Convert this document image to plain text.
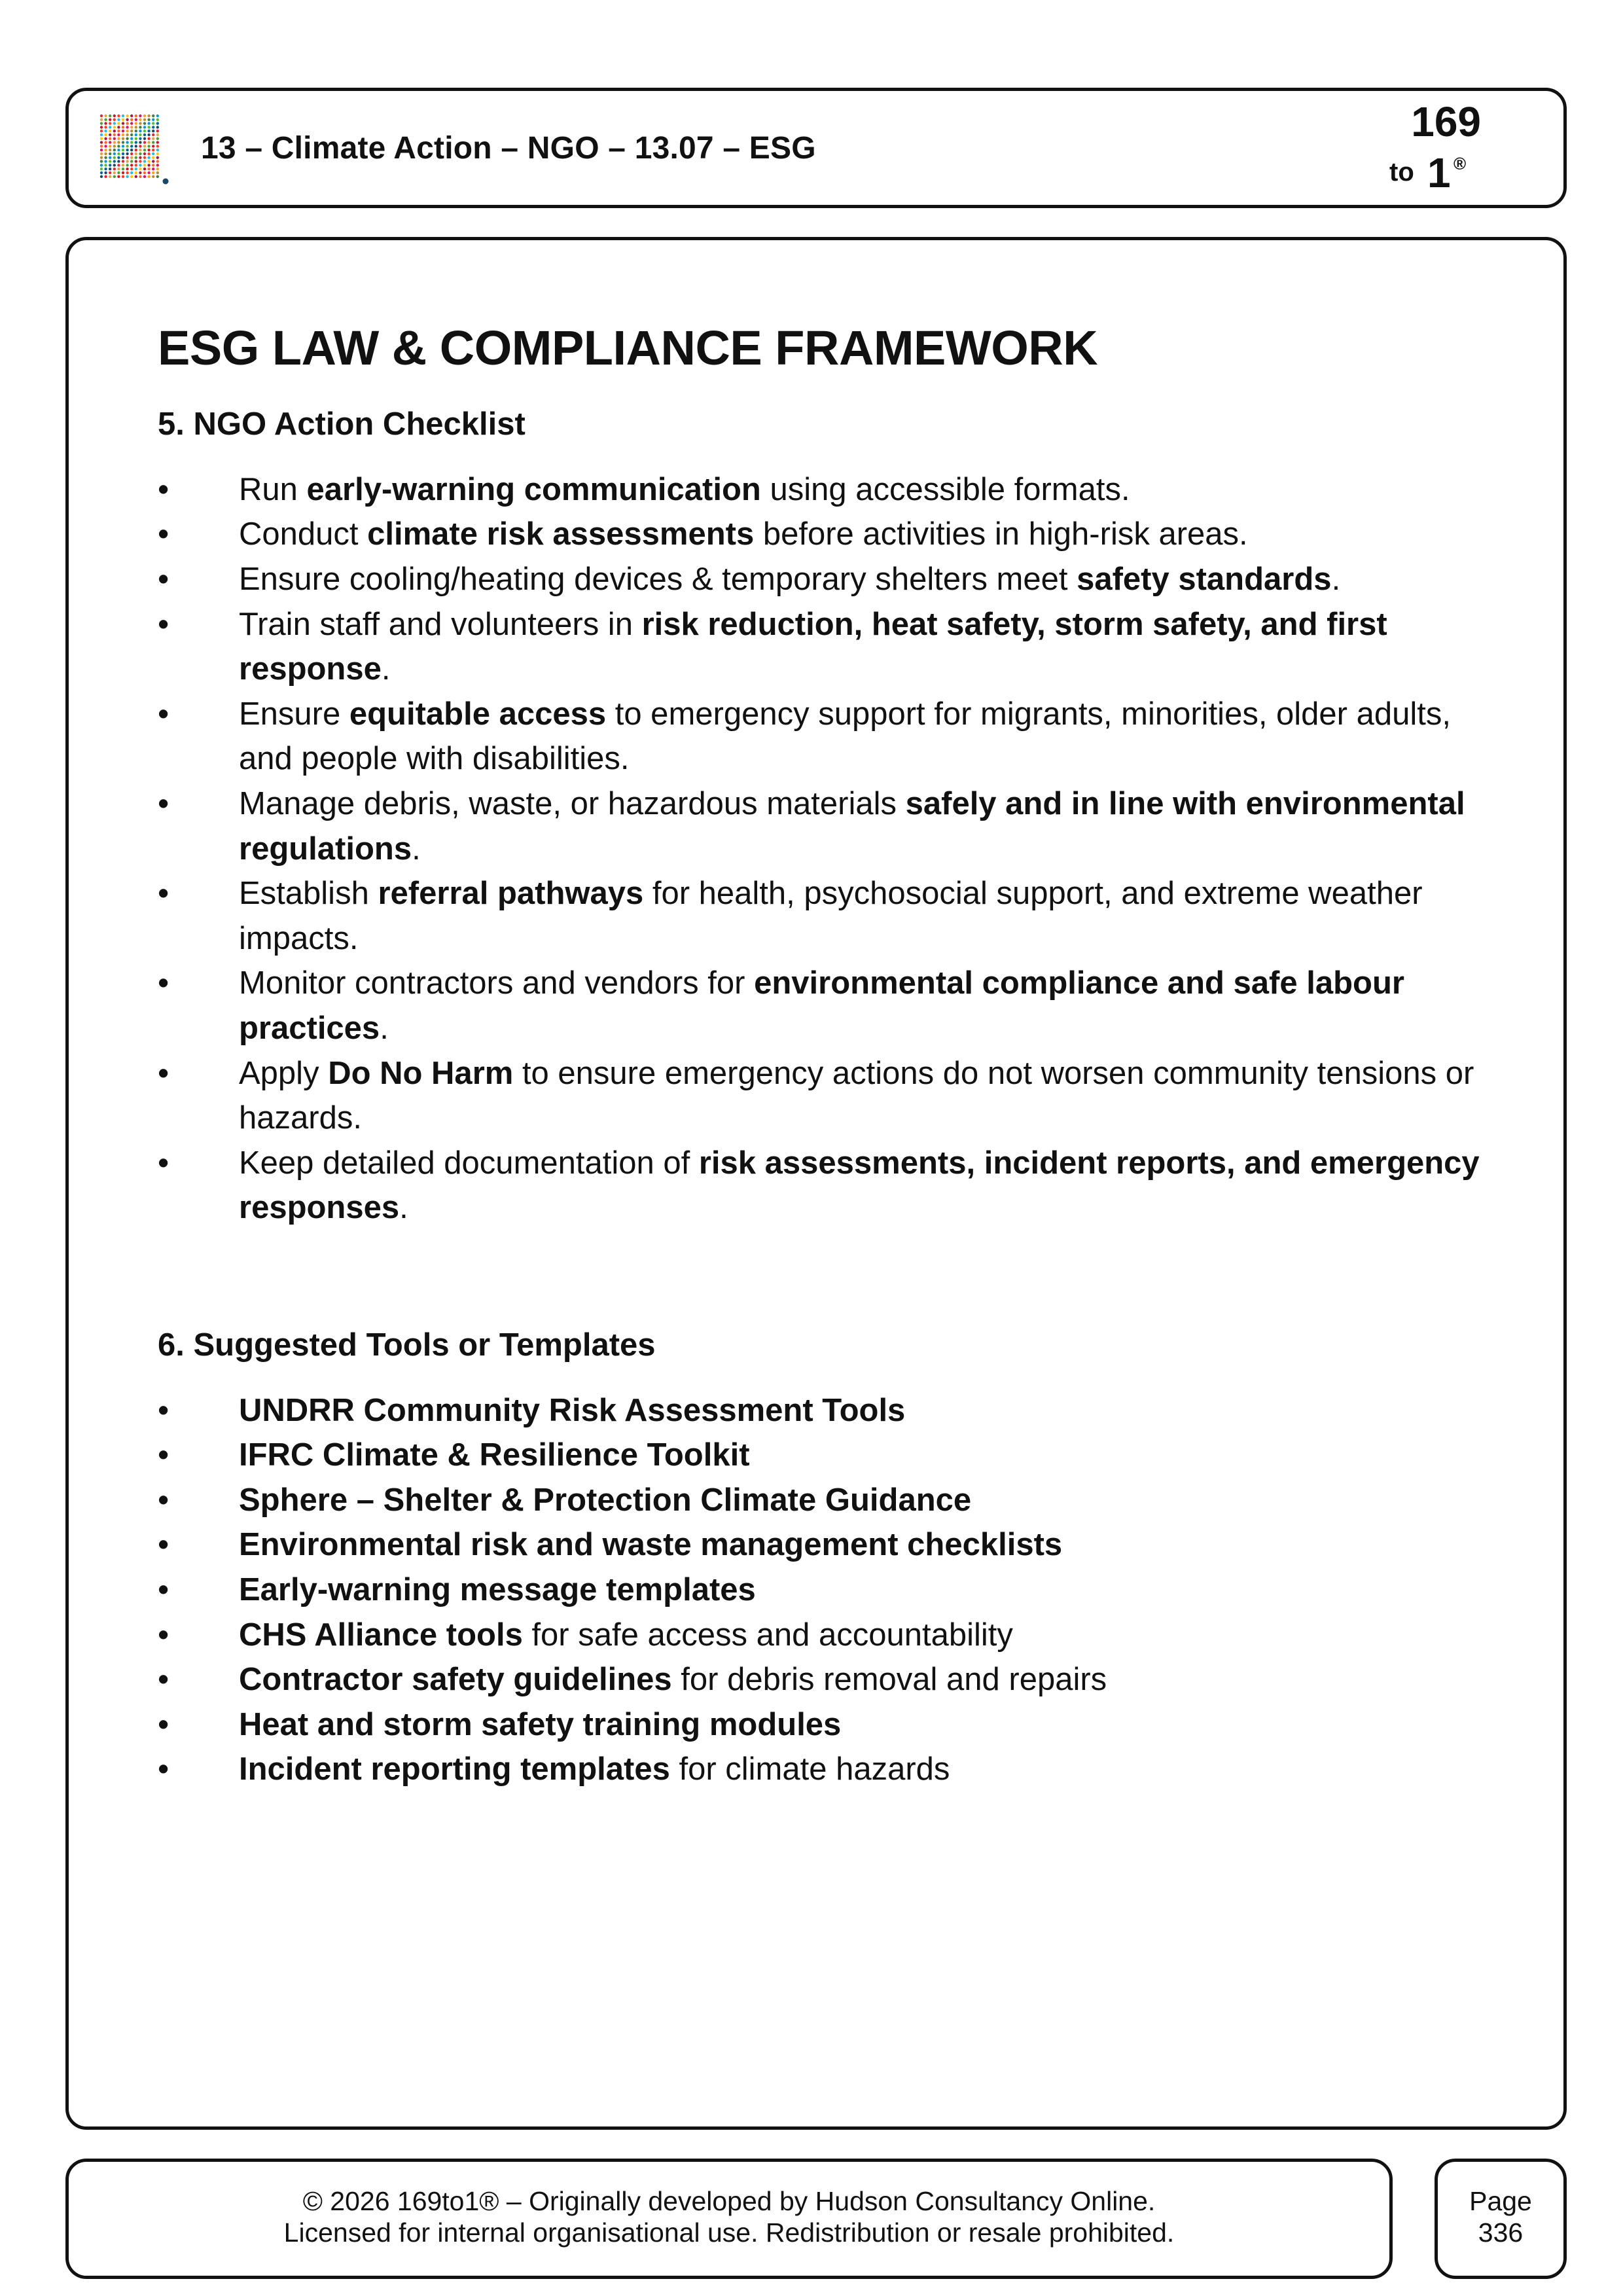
13 – Climate Action – NGO – 13.07 – ESG
169
to 1 ®
ESG LAW & COMPLIANCE FRAMEWORK
5. NGO Action Checklist
•	Run early-warning communication using accessible formats.
•	Conduct climate risk assessments before activities in high-risk areas.
•	Ensure cooling/heating devices & temporary shelters meet safety standards.
•	Train staff and volunteers in risk reduction, heat safety, storm safety, and first response.
•	Ensure equitable access to emergency support for migrants, minorities, older adults, and people with disabilities.
•	Manage debris, waste, or hazardous materials safely and in line with environmental regulations.
•	Establish referral pathways for health, psychosocial support, and extreme weather impacts.
•	Monitor contractors and vendors for environmental compliance and safe labour practices.
•	Apply Do No Harm to ensure emergency actions do not worsen community tensions or hazards.
•	Keep detailed documentation of risk assessments, incident reports, and emergency responses.
6. Suggested Tools or Templates
•	UNDRR Community Risk Assessment Tools
•	IFRC Climate & Resilience Toolkit
•	Sphere – Shelter & Protection Climate Guidance
•	Environmental risk and waste management checklists
•	Early-warning message templates
•	CHS Alliance tools for safe access and accountability
•	Contractor safety guidelines for debris removal and repairs
•	Heat and storm safety training modules
•	Incident reporting templates for climate hazards
© 2026 169to1® – Originally developed by Hudson Consultancy Online.
Licensed for internal organisational use. Redistribution or resale prohibited.
Page
336
